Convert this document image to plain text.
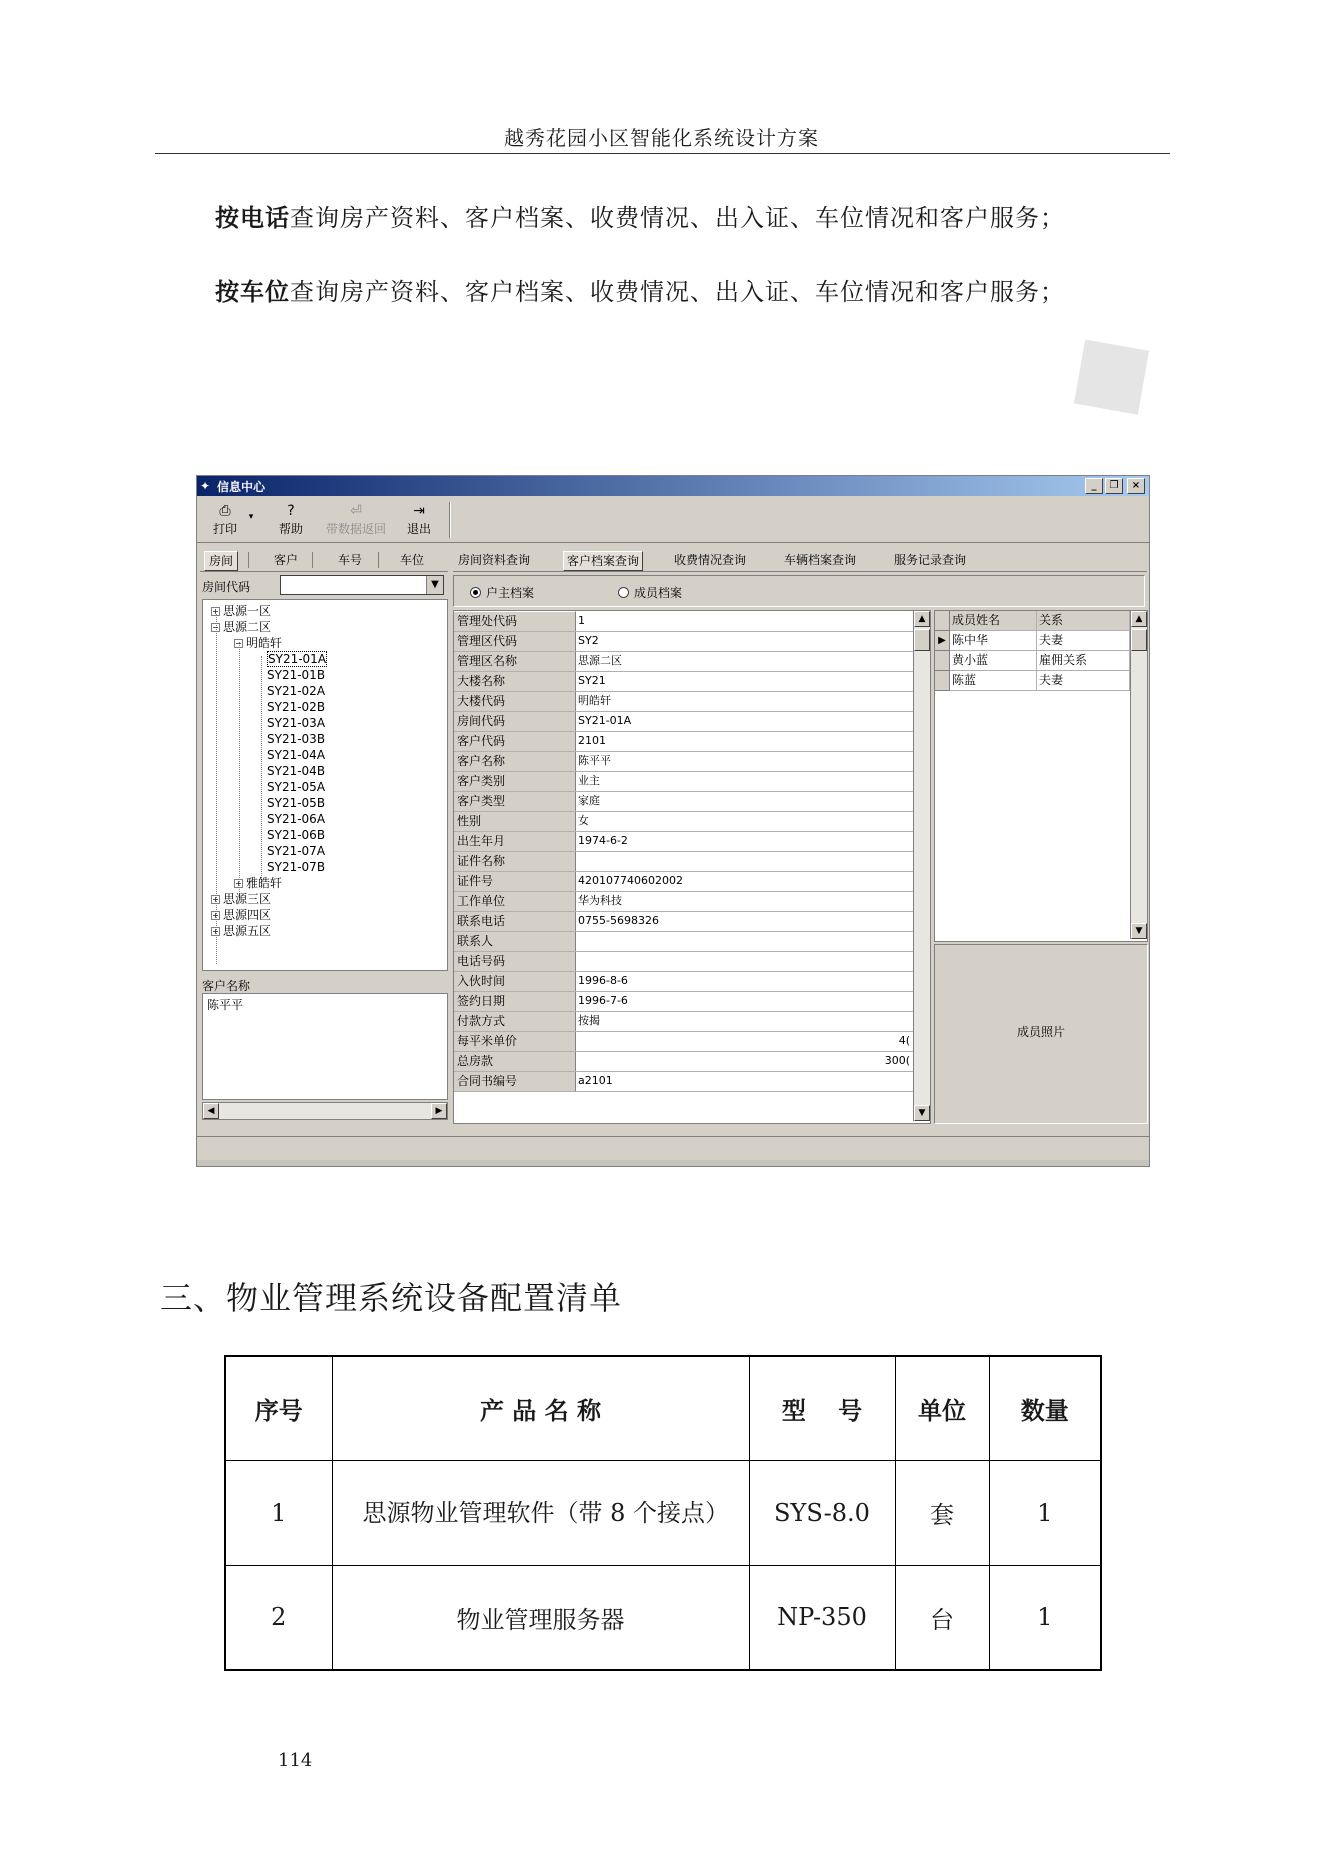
◆
越秀花园小区智能化系统设计方案
按电话查询房产资料、客户档案、收费情况、出入证、车位情况和客户服务；
按车位查询房产资料、客户档案、收费情况、出入证、车位情况和客户服务；
✦ 信息中心	_	❐	×
⎙
打印
▾	?
帮助
⏎
带数据返回
⇥
退出
房间	客户	车号	车位
房间代码	▼
+ 思源一区
− 思源二区
− 明皓轩
SY21-01A
SY21-01B
SY21-02A
SY21-02B
SY21-03A
SY21-03B
SY21-04A
SY21-04B
SY21-05A
SY21-05B
SY21-06A
SY21-06B
SY21-07A
SY21-07B
+ 雅皓轩
+ 思源三区
+ 思源四区
+ 思源五区
客户名称
陈平平
◀	▶
房间资料查询	客户档案查询	收费情况查询	车辆档案查询	服务记录查询
户主档案	成员档案
合同书编号	a2101
总房款	300(
每平米单价	4(
付款方式	按揭
签约日期	1996-7-6
入伙时间	1996-8-6
电话号码
联系人
联系电话	0755-5698326
工作单位	华为科技
证件号	420107740602002
证件名称
出生年月	1974-6-2
性别	女
客户类型	家庭
客户类别	业主
客户名称	陈平平
客户代码	2101
房间代码	SY21-01A
大楼代码	明皓轩
大楼名称	SY21
管理区名称	思源二区
管理区代码	SY2
管理处代码	1	▲
▼
成员姓名	关系
陈蓝	夫妻
黄小蓝	雇佣关系
▶ 陈中华	夫妻
▲
▼
成员照片
三、物业管理系统设备配置清单
序号	产 品 名 称	型　 号	单位	数量
1	思源物业管理软件（带 8 个接点）	SYS-8.0	套	1
2	物业管理服务器	NP-350	台	1
114
